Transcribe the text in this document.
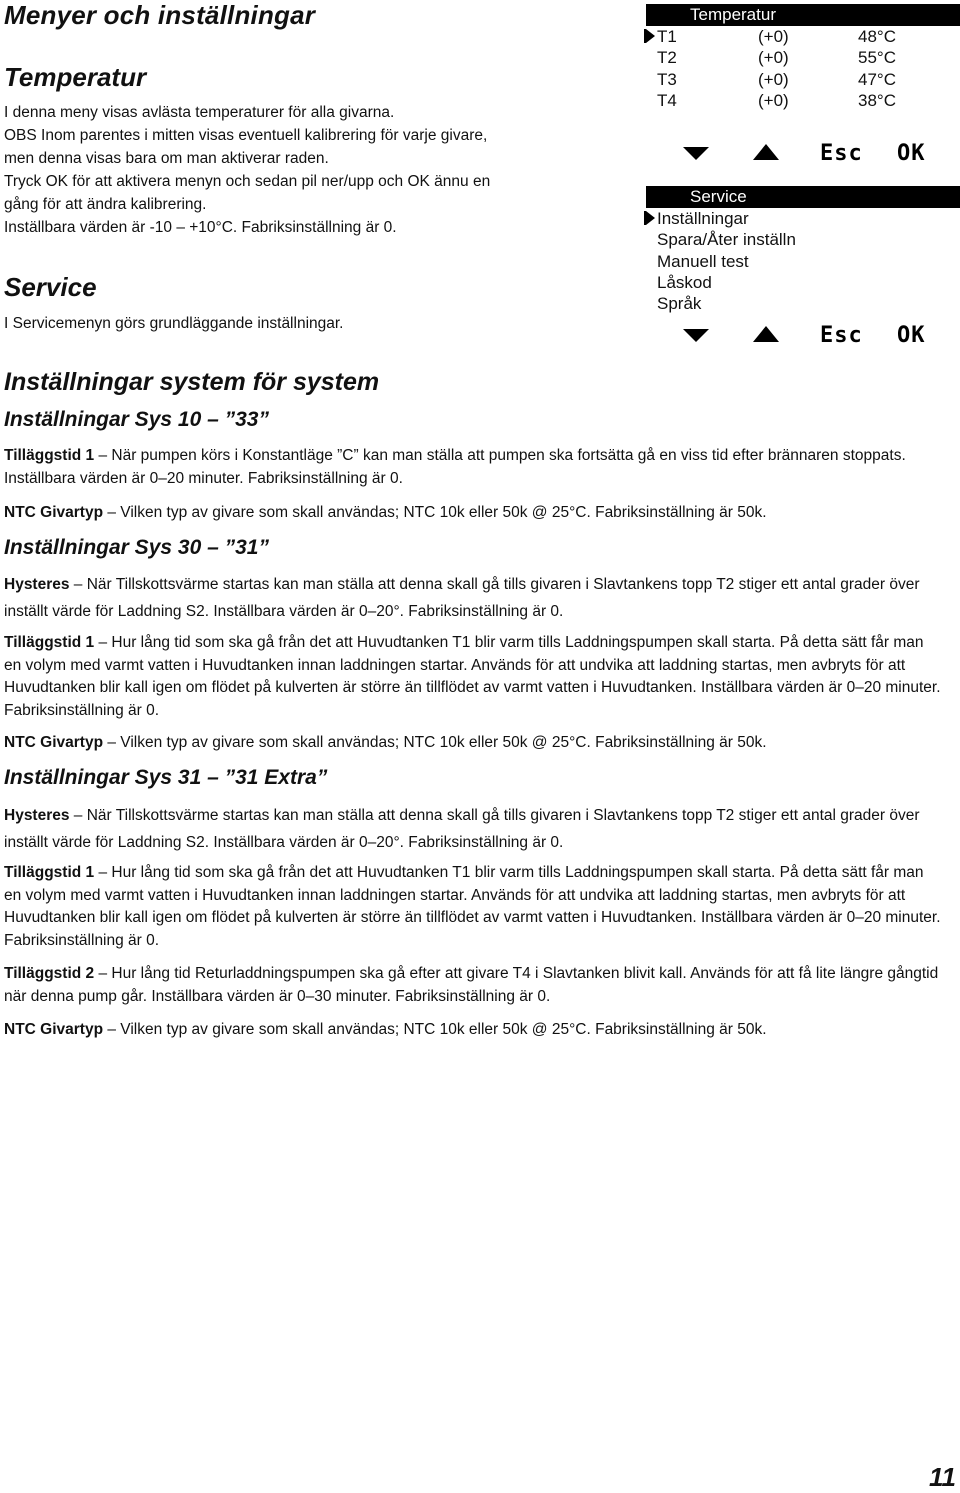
Menyer och inställningar
Temperatur
I denna meny visas avlästa temperaturer för alla givarna.
OBS Inom parentes i mitten visas eventuell kalibrering för varje givare,
men denna visas bara om man aktiverar raden.
Tryck OK för att aktivera menyn och sedan pil ner/upp och OK ännu en
gång för att ändra kalibrering.
Inställbara värden är -10 – +10°C. Fabriksinställning är 0.
Service
I Servicemenyn görs grundläggande inställningar.
Temperatur
T1	(+0)	48°C
T2	(+0)	55°C
T3	(+0)	47°C
T4	(+0)	38°C
Esc OK
Service
Inställningar
Spara/Åter inställn
Manuell test
Låskod
Språk
Esc OK
Inställningar system för system
Inställningar Sys 10 – ”33”

Tilläggstid 1 – När pumpen körs i Konstantläge ”C” kan man ställa att pumpen ska fortsätta gå en viss tid efter brännaren stoppats. Inställbara värden är 0–20 minuter. Fabriksinställning är 0.

NTC Givartyp – Vilken typ av givare som skall användas; NTC 10k eller 50k @ 25°C. Fabriksinställning är 50k.

Inställningar Sys 30 – ”31”

Hysteres – När Tillskottsvärme startas kan man ställa att denna skall gå tills givaren i Slavtankens topp T2 stiger ett antal grader över inställt värde för Laddning S2. Inställbara värden är 0–20°. Fabriksinställning är 0.

Tilläggstid 1 – Hur lång tid som ska gå från det att Huvudtanken T1 blir varm tills Laddningspumpen skall starta. På detta sätt får man en volym med varmt vatten i Huvudtanken innan laddningen startar. Används för att undvika att laddning startas, men avbryts för att Huvudtanken blir kall igen om flödet på kulverten är större än tillflödet av varmt vatten i Huvudtanken. Inställbara värden är 0–20 minuter. Fabriksinställning är 0.

NTC Givartyp – Vilken typ av givare som skall användas; NTC 10k eller 50k @ 25°C. Fabriksinställning är 50k.

Inställningar Sys 31 – ”31 Extra”

Hysteres – När Tillskottsvärme startas kan man ställa att denna skall gå tills givaren i Slavtankens topp T2 stiger ett antal grader över inställt värde för Laddning S2. Inställbara värden är 0–20°. Fabriksinställning är 0.

Tilläggstid 1 – Hur lång tid som ska gå från det att Huvudtanken T1 blir varm tills Laddningspumpen skall starta. På detta sätt får man en volym med varmt vatten i Huvudtanken innan laddningen startar. Används för att undvika att laddning startas, men avbryts för att Huvudtanken blir kall igen om flödet på kulverten är större än tillflödet av varmt vatten i Huvudtanken. Inställbara värden är 0–20 minuter. Fabriksinställning är 0.

Tilläggstid 2 – Hur lång tid Returladdningspumpen ska gå efter att givare T4 i Slavtanken blivit kall. Används för att få lite längre gångtid när denna pump går. Inställbara värden är 0–30 minuter. Fabriksinställning är 0.

NTC Givartyp – Vilken typ av givare som skall användas; NTC 10k eller 50k @ 25°C. Fabriksinställning är 50k.

11
